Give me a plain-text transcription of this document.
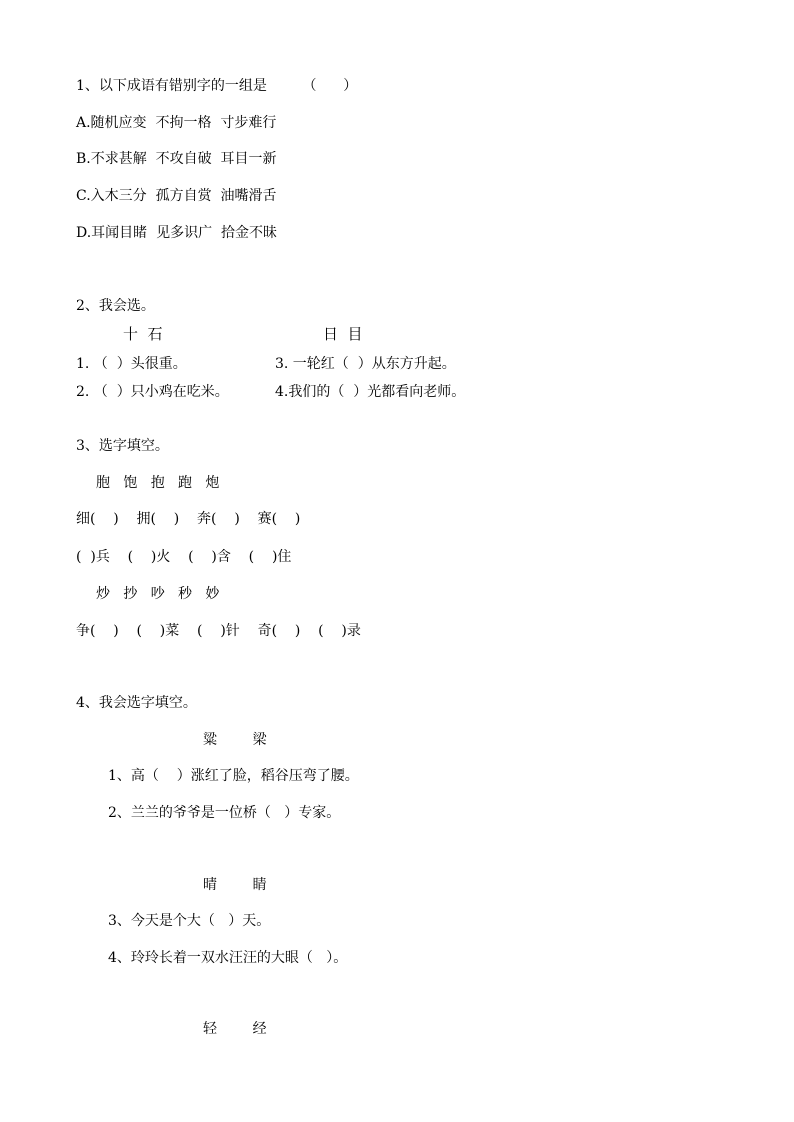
1、以下成语有错别字的一组是        （      ）
A.随机应变  不拘一格  寸步难行
B.不求甚解  不攻自破  耳目一新
C.入木三分  孤方自赏  油嘴滑舌
D.耳闻目睹  见多识广  拾金不昧
2、我会选。
十  石	日  目
1. （  ）头很重。	3. 一轮红（  ）从东方升起。
2. （  ）只小鸡在吃米。	4.我们的（  ）光都看向老师。
3、选字填空。
胞   饱   抱   跑   炮
细(    )    拥(    )    奔(    )    赛(    )
(  )兵    (    )火    (    )含    (    )住
炒   抄   吵   秒   妙
争(    )    (    )菜    (    )针    奇(    )    (    )录
4、我会选字填空。
粱        梁
1、高（    ）涨红了脸，稻谷压弯了腰。
2、兰兰的爷爷是一位桥（   ）专家。
晴        睛
3、今天是个大（   ）天。
4、玲玲长着一双水汪汪的大眼（   ）。
轻        经
